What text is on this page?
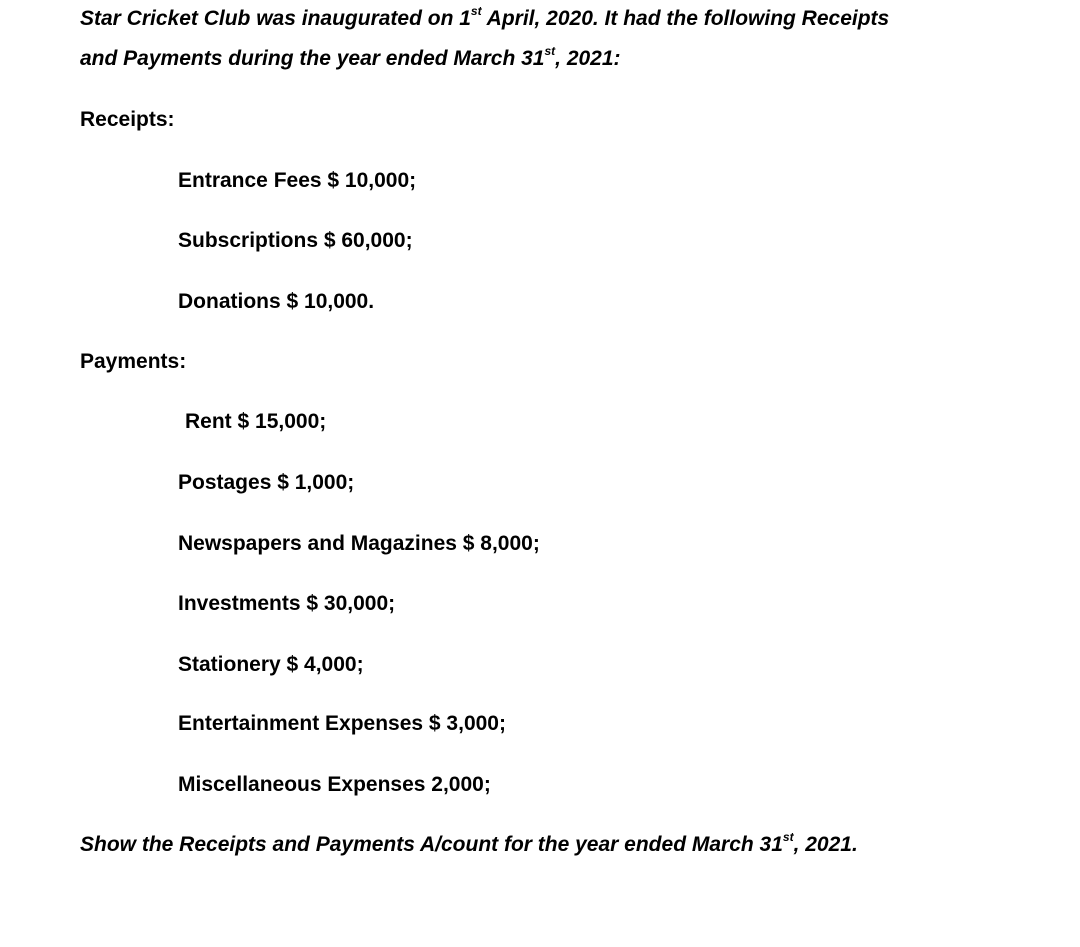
Star Cricket Club was inaugurated on 1st April, 2020. It had the following Receipts
and Payments during the year ended March 31st, 2021:
Receipts:
Entrance Fees $ 10,000;
Subscriptions $ 60,000;
Donations $ 10,000.
Payments:
Rent $ 15,000;
Postages $ 1,000;
Newspapers and Magazines $ 8,000;
Investments $ 30,000;
Stationery $ 4,000;
Entertainment Expenses $ 3,000;
Miscellaneous Expenses 2,000;
Show the Receipts and Payments A/count for the year ended March 31st, 2021.
